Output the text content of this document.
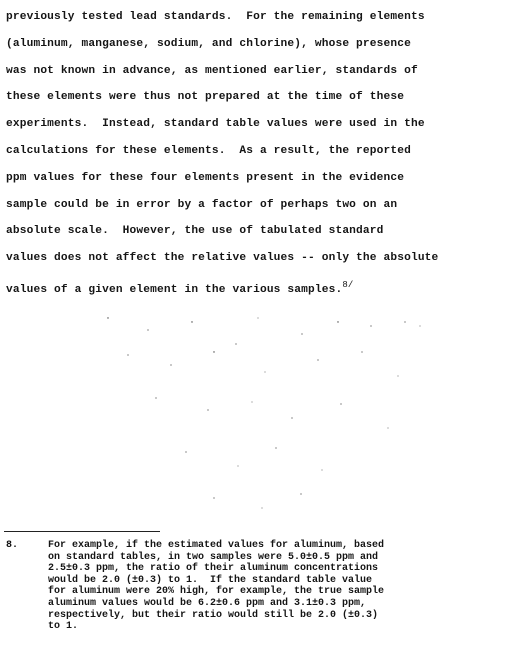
previously tested lead standards.  For the remaining elements
(aluminum, manganese, sodium, and chlorine), whose presence
was not known in advance, as mentioned earlier, standards of
these elements were thus not prepared at the time of these
experiments.  Instead, standard table values were used in the
calculations for these elements.  As a result, the reported
ppm values for these four elements present in the evidence
sample could be in error by a factor of perhaps two on an
absolute scale.  However, the use of tabulated standard
values does not affect the relative values -- only the absolute
values of a given element in the various samples.$^{8/}$
8.	For example, if the estimated values for aluminum, based
on standard tables, in two samples were 5.0±0.5 ppm and
2.5±0.3 ppm, the ratio of their aluminum concentrations
would be 2.0 (±0.3) to 1.  If the standard table value
for aluminum were 20% high, for example, the true sample
aluminum values would be 6.2±0.6 ppm and 3.1±0.3 ppm,
respectively, but their ratio would still be 2.0 (±0.3)
to 1.
